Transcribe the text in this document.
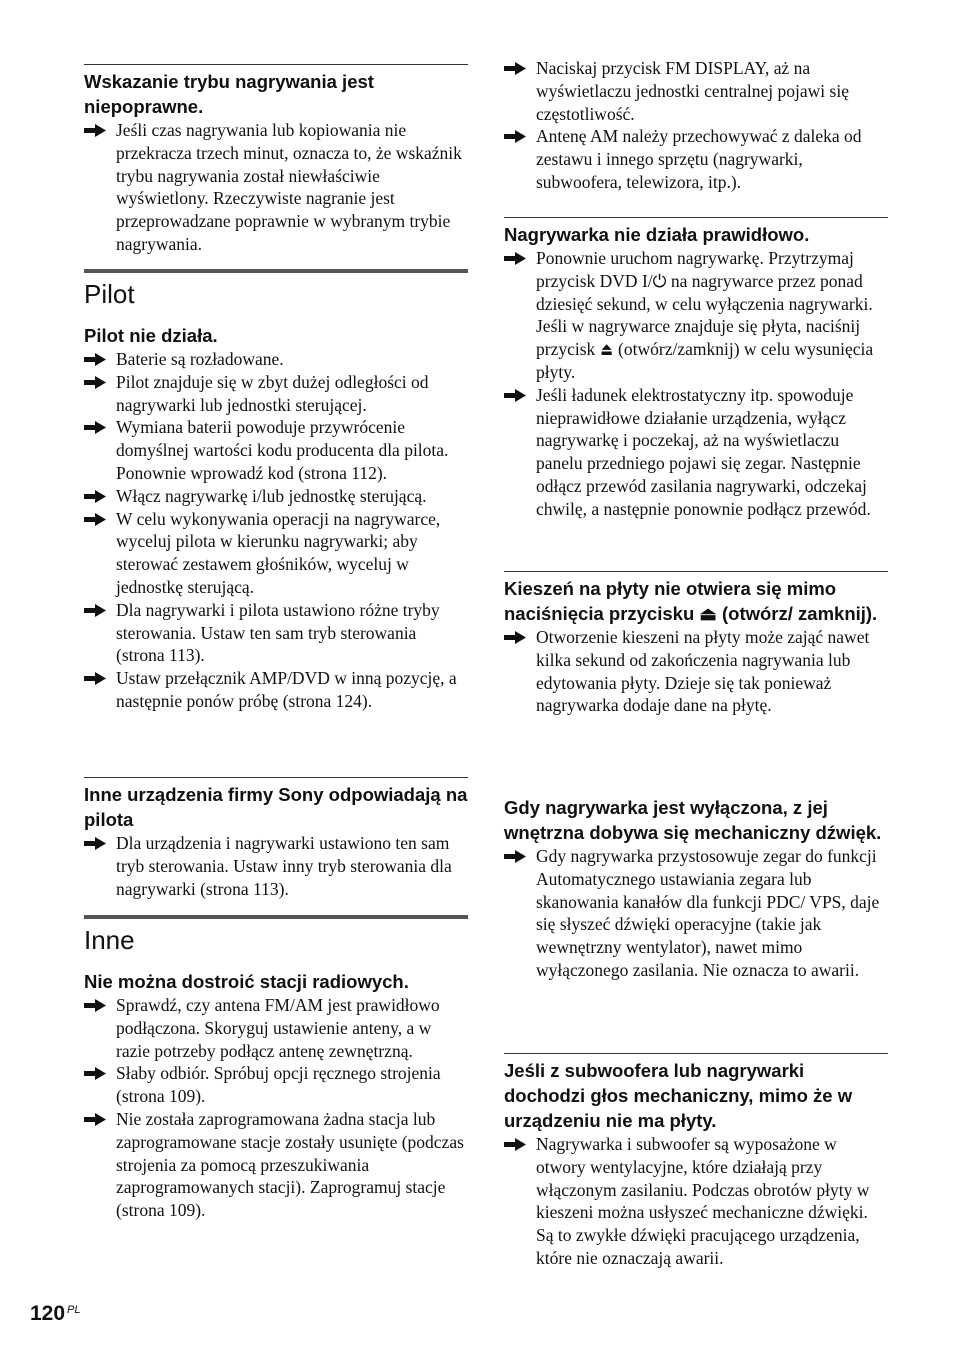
Wskazanie trybu nagrywania jest niepoprawne.
Jeśli czas nagrywania lub kopiowania nie przekracza trzech minut, oznacza to, że wskaźnik trybu nagrywania został niewłaściwie wyświetlony. Rzeczywiste nagranie jest przeprowadzane poprawnie w wybranym trybie nagrywania.
Pilot
Pilot nie działa.
Baterie są rozładowane.
Pilot znajduje się w zbyt dużej odległości od nagrywarki lub jednostki sterującej.
Wymiana baterii powoduje przywrócenie domyślnej wartości kodu producenta dla pilota. Ponownie wprowadź kod (strona 112).
Włącz nagrywarkę i/lub jednostkę sterującą.
W celu wykonywania operacji na nagrywarce, wyceluj pilota w kierunku nagrywarki; aby sterować zestawem głośników, wyceluj w jednostkę sterującą.
Dla nagrywarki i pilota ustawiono różne tryby sterowania. Ustaw ten sam tryb sterowania (strona 113).
Ustaw przełącznik AMP/DVD w inną pozycję, a następnie ponów próbę (strona 124).
Inne urządzenia firmy Sony odpowiadają na pilota
Dla urządzenia i nagrywarki ustawiono ten sam tryb sterowania. Ustaw inny tryb sterowania dla nagrywarki (strona 113).
Inne
Nie można dostroić stacji radiowych.
Sprawdź, czy antena FM/AM jest prawidłowo podłączona. Skoryguj ustawienie anteny, a w razie potrzeby podłącz antenę zewnętrzną.
Słaby odbiór. Spróbuj opcji ręcznego strojenia (strona 109).
Nie została zaprogramowana żadna stacja lub zaprogramowane stacje zostały usunięte (podczas strojenia za pomocą przeszukiwania zaprogramowanych stacji). Zaprogramuj stacje (strona 109).
Naciskaj przycisk FM DISPLAY, aż na wyświetlaczu jednostki centralnej pojawi się częstotliwość.
Antenę AM należy przechowywać z daleka od zestawu i innego sprzętu (nagrywarki, subwoofera, telewizora, itp.).
Nagrywarka nie działa prawidłowo.
Ponownie uruchom nagrywarkę. Przytrzymaj przycisk DVD I/⏻ na nagrywarce przez ponad dziesięć sekund, w celu wyłączenia nagrywarki. Jeśli w nagrywarce znajduje się płyta, naciśnij przycisk ⏏ (otwórz/zamknij) w celu wysunięcia płyty.
Jeśli ładunek elektrostatyczny itp. spowoduje nieprawidłowe działanie urządzenia, wyłącz nagrywarkę i poczekaj, aż na wyświetlaczu panelu przedniego pojawi się zegar. Następnie odłącz przewód zasilania nagrywarki, odczekaj chwilę, a następnie ponownie podłącz przewód.
Kieszeń na płyty nie otwiera się mimo naciśnięcia przycisku ⏏ (otwórz/ zamknij).
Otworzenie kieszeni na płyty może zająć nawet kilka sekund od zakończenia nagrywania lub edytowania płyty. Dzieje się tak ponieważ nagrywarka dodaje dane na płytę.
Gdy nagrywarka jest wyłączona, z jej wnętrzna dobywa się mechaniczny dźwięk.
Gdy nagrywarka przystosowuje zegar do funkcji Automatycznego ustawiania zegara lub skanowania kanałów dla funkcji PDC/ VPS, daje się słyszeć dźwięki operacyjne (takie jak wewnętrzny wentylator), nawet mimo wyłączonego zasilania. Nie oznacza to awarii.
Jeśli z subwoofera lub nagrywarki dochodzi głos mechaniczny, mimo że w urządzeniu nie ma płyty.
Nagrywarka i subwoofer są wyposażone w otwory wentylacyjne, które działają przy włączonym zasilaniu. Podczas obrotów płyty w kieszeni można usłyszeć mechaniczne dźwięki. Są to zwykłe dźwięki pracującego urządzenia, które nie oznaczają awarii.
120 $^{PL}$
